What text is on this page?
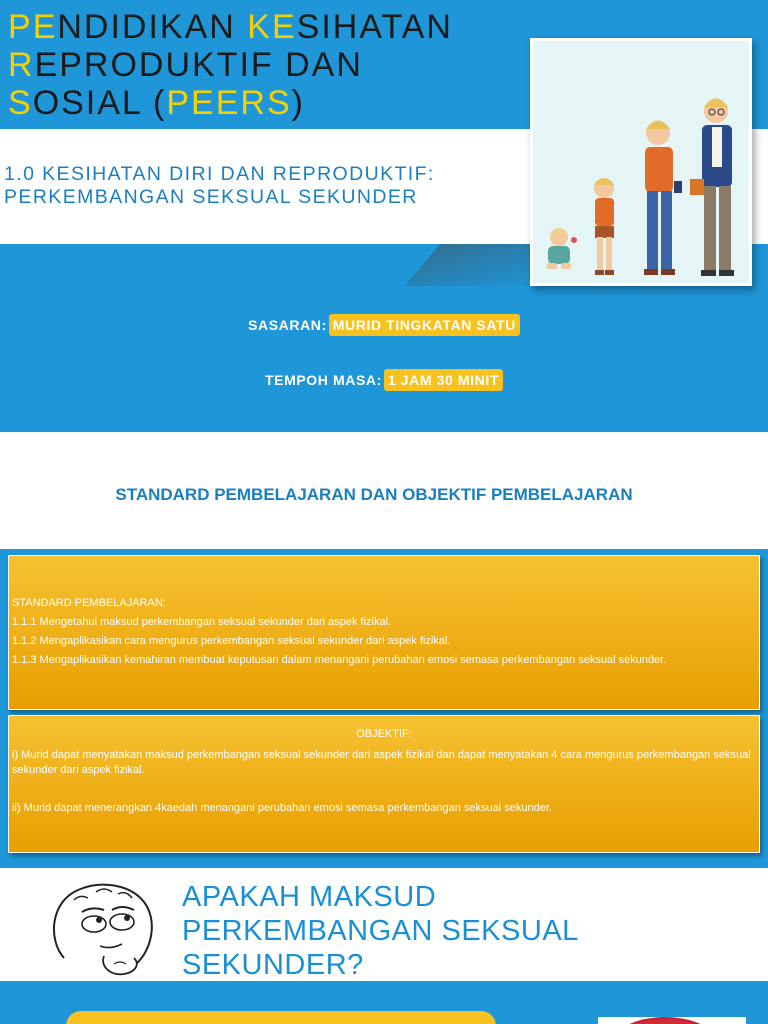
PENDIDIKAN KESIHATAN
REPRODUKTIF DAN
SOSIAL (PEERS)
1.0 KESIHATAN DIRI DAN REPRODUKTIF:
PERKEMBANGAN SEKSUAL SEKUNDER
SASARAN: MURID TINGKATAN SATU
TEMPOH MASA: 1 JAM 30 MINIT
STANDARD PEMBELAJARAN DAN OBJEKTIF PEMBELAJARAN

STANDARD PEMBELAJARAN:

1.1.1 Mengetahui maksud perkembangan seksual sekunder dari aspek fizikal.

1.1.2 Mengaplikasikan cara mengurus perkembangan seksual sekunder dari aspek fizikal.

1.1.3 Mengaplikasikan kemahiran membuat keputusan dalam menangani perubahan emosi semasa perkembangan seksual sekunder.

OBJEKTIF:

i) Murid dapat menyatakan maksud perkembangan seksual sekunder dari aspek fizikal dan dapat menyatakan 4 cara mengurus perkembangan seksual sekunder dari aspek fizikal.

ii) Murid dapat menerangkan 4kaedah menangani perubahan emosi semasa perkembangan seksual sekunder.

APAKAH MAKSUD
PERKEMBANGAN SEKSUAL
SEKUNDER?
